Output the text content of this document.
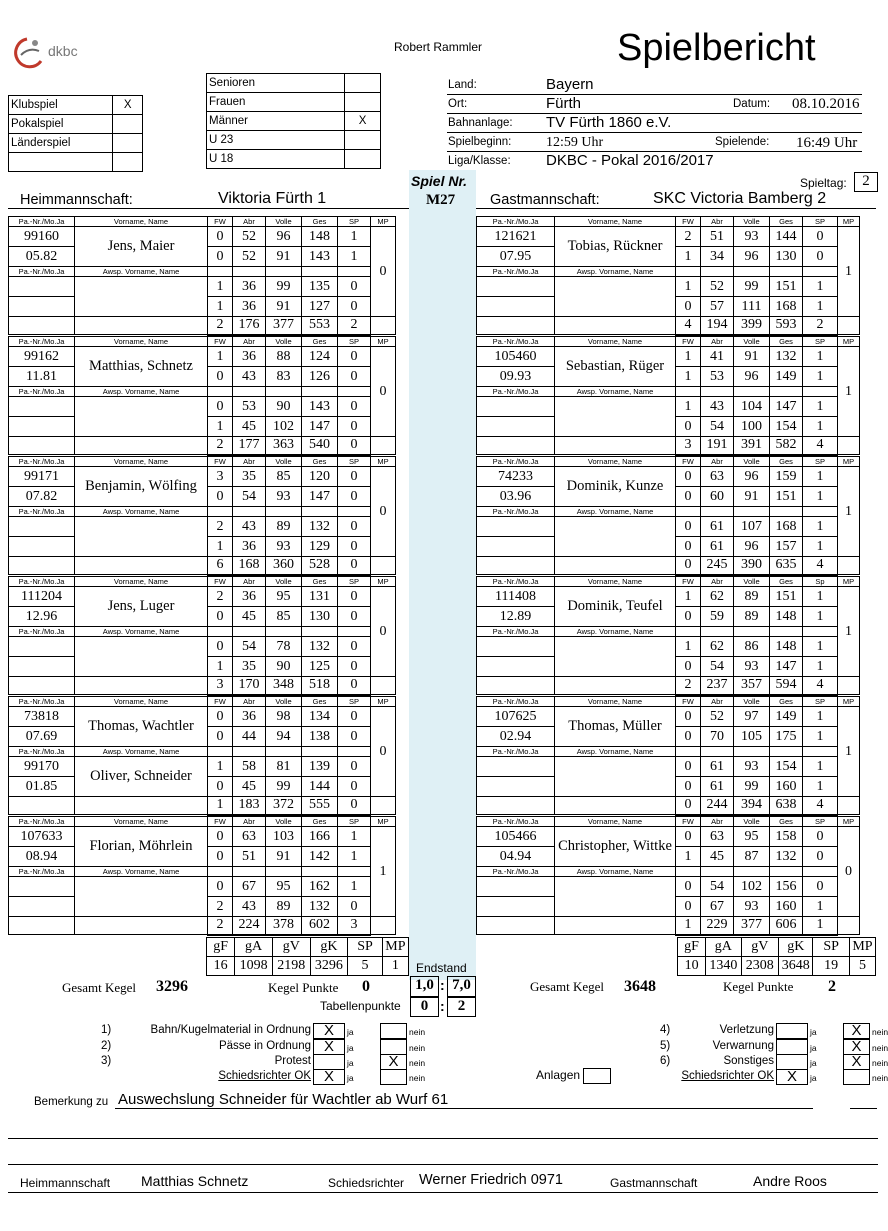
dkbc	Robert Rammler	Spielbericht
Klubspiel	X
Pokalspiel	
Länderspiel	

Senioren	
Frauen	
Männer	X
U 23	
U 18	
Land:	Bayern
Ort:	Fürth	Datum: 08.10.2016
Bahnanlage: TV Fürth 1860 e.V.
Spielbeginn: 12:59 Uhr	Spielende: 16:49 Uhr
Liga/Klasse: DKBC - Pokal 2016/2017
Spiel Nr.
M27
Spieltag:	2
Heimmannschaft:	Viktoria Fürth 1	Gastmannschaft:	SKC Victoria Bamberg 2
Pa.-Nr./Mo.Ja	Vorname, Name	FW	Abr	Volle	Ges	SP	MP
99160	Jens, Maier	0	52	96	148	1	0
05.82		0	52	91	143	1	
Pa.-Nr./Mo.Ja	Awsp. Vorname, Name						
		1	36	99	135	0	
		1	36	91	127	0	
		2	176	377	553	2	
Pa.-Nr./Mo.Ja	Vorname, Name	FW	Abr	Volle	Ges	SP	MP
99162	Matthias, Schnetz	1	36	88	124	0	0
11.81		0	43	83	126	0	
Pa.-Nr./Mo.Ja	Awsp. Vorname, Name						
		0	53	90	143	0	
		1	45	102	147	0	
		2	177	363	540	0	
Pa.-Nr./Mo.Ja	Vorname, Name	FW	Abr	Volle	Ges	SP	MP
99171	Benjamin, Wölfing	3	35	85	120	0	0
07.82		0	54	93	147	0	
Pa.-Nr./Mo.Ja	Awsp. Vorname, Name						
		2	43	89	132	0	
		1	36	93	129	0	
		6	168	360	528	0	
Pa.-Nr./Mo.Ja	Vorname, Name	FW	Abr	Volle	Ges	SP	MP
111204	Jens, Luger	2	36	95	131	0	0
12.96		0	45	85	130	0	
Pa.-Nr./Mo.Ja	Awsp. Vorname, Name						
		0	54	78	132	0	
		1	35	90	125	0	
		3	170	348	518	0	
Pa.-Nr./Mo.Ja	Vorname, Name	FW	Abr	Volle	Ges	SP	MP
73818	Thomas, Wachtler	0	36	98	134	0	0
07.69		0	44	94	138	0	
Pa.-Nr./Mo.Ja	Awsp. Vorname, Name						
99170	Oliver, Schneider	1	58	81	139	0	
01.85		0	45	99	144	0	
		1	183	372	555	0	
Pa.-Nr./Mo.Ja	Vorname, Name	FW	Abr	Volle	Ges	SP	MP
107633	Florian, Möhrlein	0	63	103	166	1	1
08.94		0	51	91	142	1	
Pa.-Nr./Mo.Ja	Awsp. Vorname, Name						
		0	67	95	162	1	
		2	43	89	132	0	
		2	224	378	602	3	
Pa.-Nr./Mo.Ja	Vorname, Name	FW	Abr	Volle	Ges	SP	MP
121621	Tobias, Rückner	2	51	93	144	0	1
07.95		1	34	96	130	0	
Pa.-Nr./Mo.Ja	Awsp. Vorname, Name						
		1	52	99	151	1	
		0	57	111	168	1	
		4	194	399	593	2	
Pa.-Nr./Mo.Ja	Vorname, Name	FW	Abr	Volle	Ges	SP	MP
105460	Sebastian, Rüger	1	41	91	132	1	1
09.93		1	53	96	149	1	
Pa.-Nr./Mo.Ja	Awsp. Vorname, Name						
		1	43	104	147	1	
		0	54	100	154	1	
		3	191	391	582	4	
Pa.-Nr./Mo.Ja	Vorname, Name	FW	Abr	Volle	Ges	SP	MP
74233	Dominik, Kunze	0	63	96	159	1	1
03.96		0	60	91	151	1	
Pa.-Nr./Mo.Ja	Awsp. Vorname, Name						
		0	61	107	168	1	
		0	61	96	157	1	
		0	245	390	635	4	
Pa.-Nr./Mo.Ja	Vorname, Name	FW	Abr	Volle	Ges	Sp	MP
111408	Dominik, Teufel	1	62	89	151	1	1
12.89		0	59	89	148	1	
Pa.-Nr./Mo.Ja	Awsp. Vorname, Name						
		1	62	86	148	1	
		0	54	93	147	1	
		2	237	357	594	4	
Pa.-Nr./Mo.Ja	Vorname, Name	FW	Abr	Volle	Ges	SP	MP
107625	Thomas, Müller	0	52	97	149	1	1
02.94		0	70	105	175	1	
Pa.-Nr./Mo.Ja	Awsp. Vorname, Name						
		0	61	93	154	1	
		0	61	99	160	1	
		0	244	394	638	4	
Pa.-Nr./Mo.Ja	Vorname, Name	FW	Abr	Volle	Ges	SP	MP
105466	Christopher, Wittke	0	63	95	158	0	0
04.94		1	45	87	132	0	
Pa.-Nr./Mo.Ja	Awsp. Vorname, Name						
		0	54	102	156	0	
		0	67	93	160	1	
		1	229	377	606	1	
gF	gA	gV	gK	SP	MP
16	1098	2198	3296	5	1
gF	gA	gV	gK	SP	MP
10	1340	2308	3648	19	5
Endstand
Gesamt Kegel 3296	Kegel Punkte 0	1,0 : 7,0	Gesamt Kegel 3648	Kegel Punkte 2
Tabellenpunkte	0 : 2
1)	Bahn/Kugelmaterial in Ordnung X	ja	nein
2)	Pässe in Ordnung X	ja	nein
3)	Protest	ja	X	nein
Schiedsrichter OK X	ja	nein
4)	Verletzung	ja	X	nein
5)	Verwarnung	ja	X	nein
6)	Sonstiges	ja	X	nein
Schiedsrichter OK X	ja	nein
Anlagen
Bemerkung zu Auswechslung Schneider für Wachtler ab Wurf 61
Heimmannschaft Matthias Schnetz	Schiedsrichter Werner Friedrich 0971	Gastmannschaft	Andre Roos
